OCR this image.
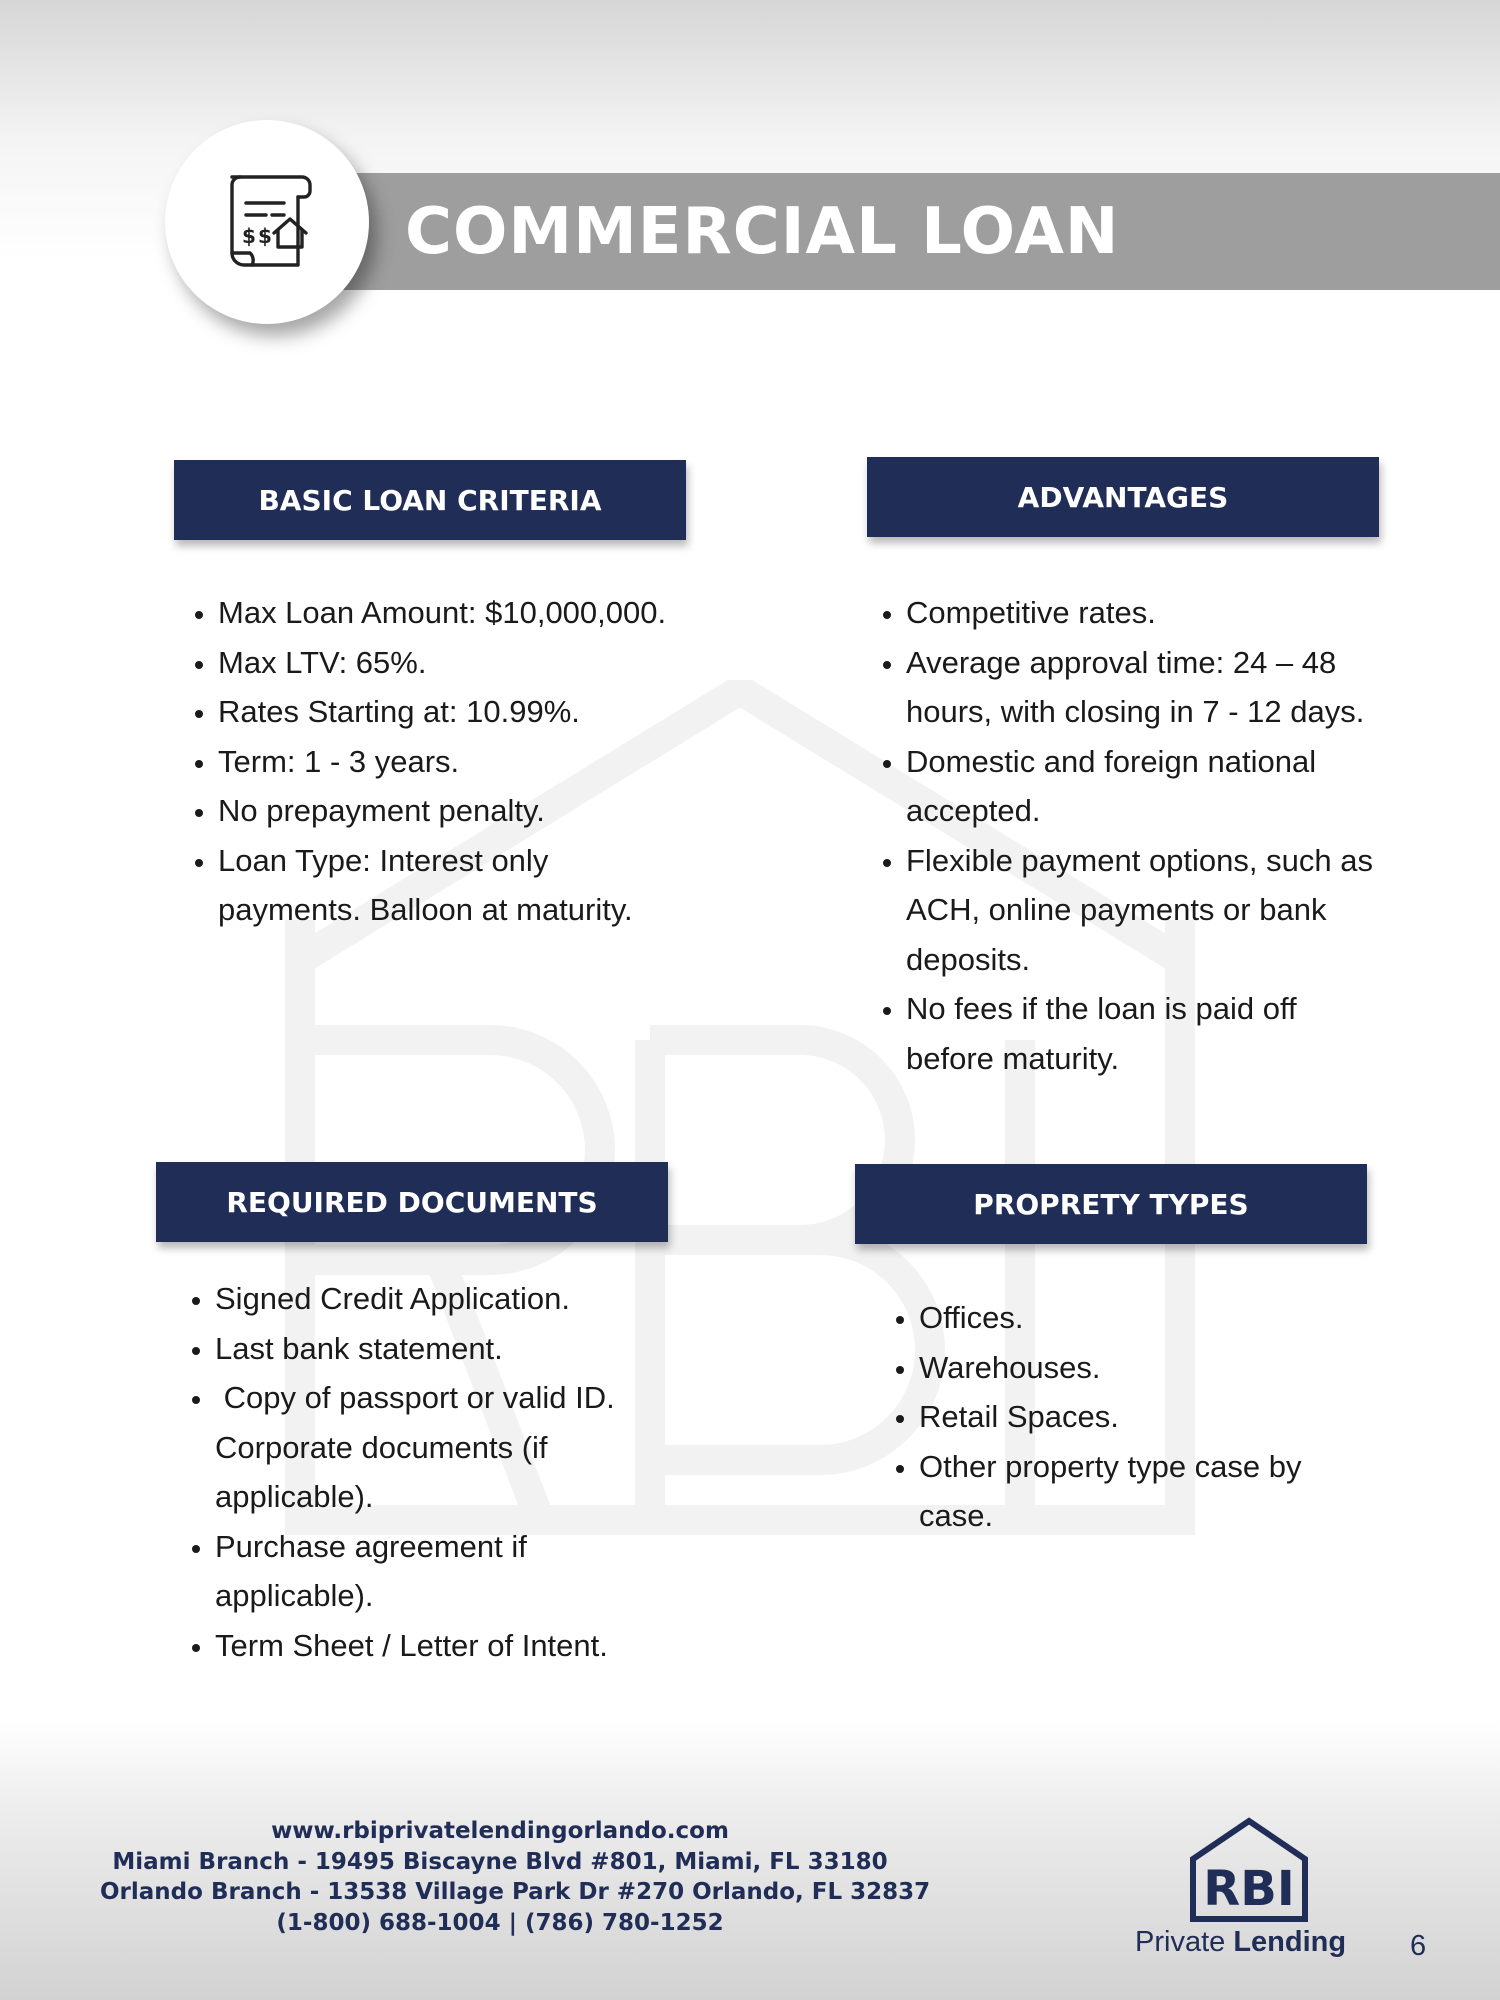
COMMERCIAL LOAN
$ $
BASIC LOAN CRITERIA
• Max Loan Amount: $10,000,000.
• Max LTV: 65%.
• Rates Starting at: 10.99%.
• Term: 1 - 3 years.
• No prepayment penalty.
• Loan Type: Interest only payments. Balloon at maturity.
ADVANTAGES
• Competitive rates.
• Average approval time: 24 – 48 hours, with closing in 7 - 12 days.
• Domestic and foreign national accepted.
• Flexible payment options, such as ACH, online payments or bank deposits.
• No fees if the loan is paid off before maturity.
REQUIRED DOCUMENTS
• Signed Credit Application.
• Last bank statement.
•  Copy of passport or valid ID. Corporate documents (if applicable).
• Purchase agreement if applicable).
• Term Sheet / Letter of Intent.
PROPRETY TYPES
• Offices.
• Warehouses.
• Retail Spaces.
• Other property type case by case.
www.rbiprivatelendingorlando.com
Miami Branch - 19495 Biscayne Blvd #801, Miami, FL 33180
Orlando Branch - 13538 Village Park Dr #270 Orlando, FL 32837
(1-800) 688-1004 | (786) 780-1252
RBI
Private Lending 6
